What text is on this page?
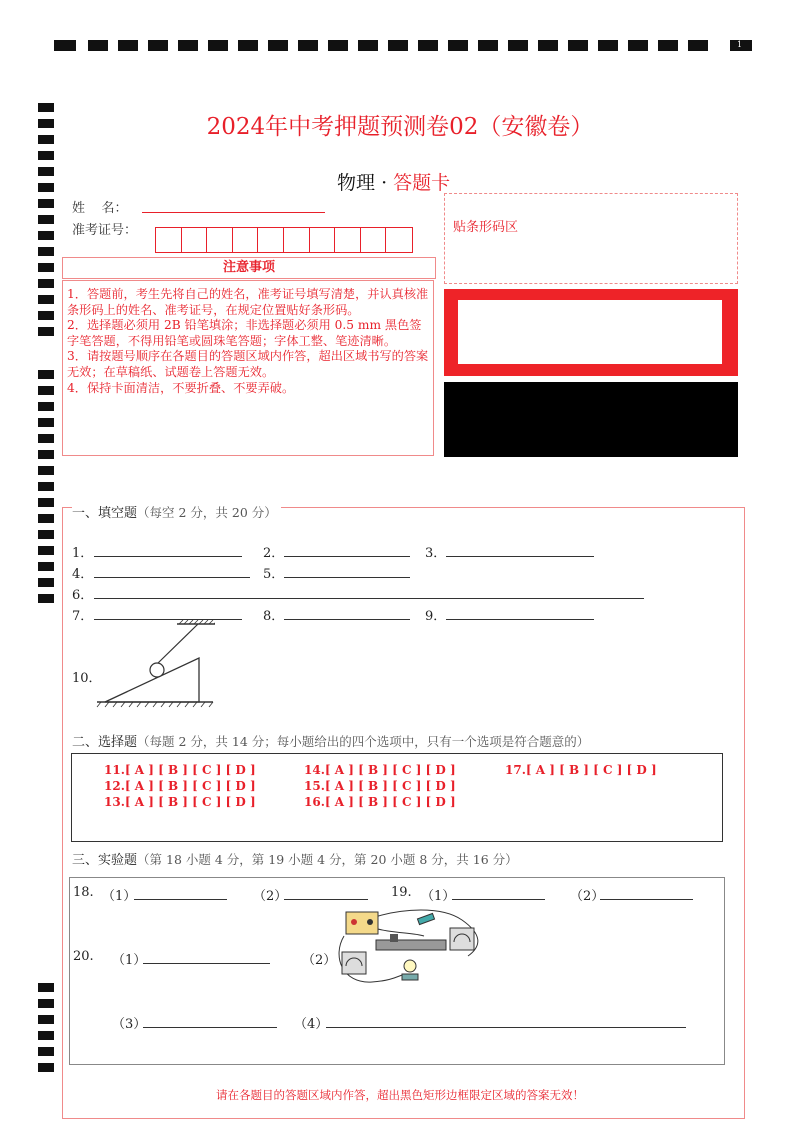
1
2024年中考押题预测卷02（安徽卷）
物理 · 答题卡
姓    名：
准考证号：
注意事项

1．答题前，考生先将自己的姓名，准考证号填写清楚，并认真核准条形码上的姓名、准考证号，在规定位置贴好条形码。

2．选择题必须用 2B 铅笔填涂；非选择题必须用 0.5 mm 黑色签字笔答题，不得用铅笔或圆珠笔答题；字体工整、笔迹清晰。

3．请按题号顺序在各题目的答题区域内作答，超出区域书写的答案无效；在草稿纸、试题卷上答题无效。

4．保持卡面清洁，不要折叠、不要弄破。

贴条形码区
一、填空题（每空 2 分，共 20 分）
1．	2．	3．
4．	5．
6．
7．	8．	9．
10．
二、选择题（每题 2 分，共 14 分；每小题给出的四个选项中，只有一个选项是符合题意的）
11.[ A ] [ B ] [ C ] [ D ]
12.[ A ] [ B ] [ C ] [ D ]
13.[ A ] [ B ] [ C ] [ D ]
14.[ A ] [ B ] [ C ] [ D ]
15.[ A ] [ B ] [ C ] [ D ]
16.[ A ] [ B ] [ C ] [ D ]
17.[ A ] [ B ] [ C ] [ D ]
三、实验题（第 18 小题 4 分，第 19 小题 4 分，第 20 小题 8 分，共 16 分）
18. （1）	（2）	19. （1）	（2）
20. （1）	（2）
（3）	（4）
请在各题目的答题区域内作答，超出黑色矩形边框限定区域的答案无效！
